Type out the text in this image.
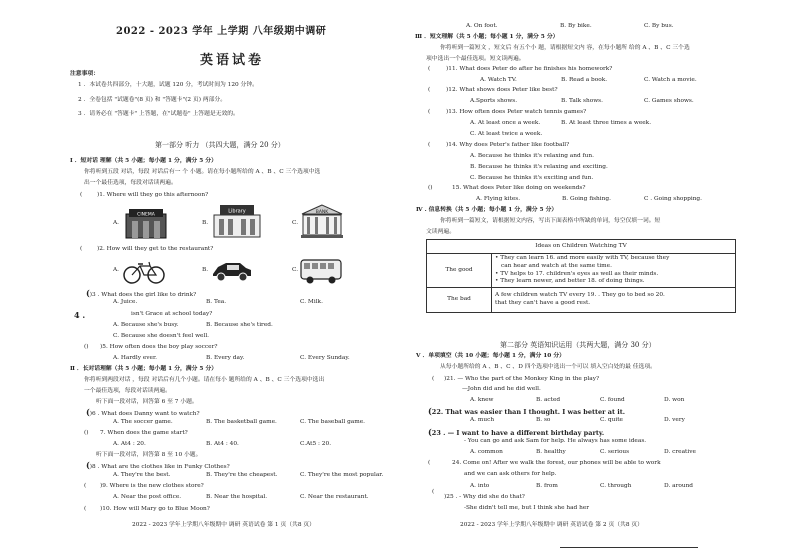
2022 - 2023 学年 上学期 八年级期中调研
英语试卷
注意事项：
1 ．本试卷共四部分，十大题，试题 120 分，考试时间为 120 分钟。
2 ．全卷包括 "试题卷"(8 页) 和 "答题卡"(2 页) 两部分。
3 ．请务必在 "答题卡" 上答题，在"试题卷" 上答题是无效的。
第一部分 听力 （共四大题，满分 20 分）
Ⅰ ．短对话 理解（共 5 小题；每小题 1 分，满分 5 分）
你将听到五段 对话，每段 对话后有一 个 小题。请在每小题所给的 A 、B 、C 三个选项中选
出一个最佳选项，每段对话读两遍。
(	)1. Where will they go this afternoon?
A.	B.	C.
CINEMA
Library	BANK
(	)2. How will they get to the restaurant?
A.	B.	C.
()3 . What does the girl like to drink?
A. Juice.	B. Tea.	C. Milk.
4 .	isn't Grace at school today?
A. Because she's busy.	B. Because she's tired.
C. Because she doesn't feel well.
() )5. How often does the boy play soccer?
A. Hardly ever.	B. Every day.	C. Every Sunday.
Ⅱ ．长对话理解（共 5 小题；每小题 1 分，满分 5 分）
你将听到两段对话 ，每段 对话后有几个小题。请在每小 题所给的 A 、B 、C 三个选项中选出
一个最佳选项，每段对话读两遍。
听下面一段对话，回答第 6 至 7 小题。
()6 . What does Danny want to watch?
A. The soccer game.	B. The basketball game.	C. The baseball game.
() 7. When does the game start?
A. At4 : 20.	B. At4 : 40.	C.At5 : 20.
听下面一段对话，回答第 8 至 10 小题。
()8 . What are the clothes like in Funky Clothes?
A. They're the best.	B. They're the cheapest.	C. They're the most popular.
( )9. Where is the new clothes store?
A. Near the post office.	B. Near the hospital.	C. Near the restaurant.
( )10. How will Mary go to Blue Moon?
2022 - 2023 学年上学期八年级期中 调研 英语试卷 第 1 页（共8 页）
A. On foot.	B. By bike.	C. By bus.
Ⅲ ．短文理解（共 5 小题；每小题 1 分，满分 5 分）
你将听到一篇短文 ，短文后 有五个小 题，请根据短文内 容，在每小题所 给的 A 、B 、C 三个选
项中选出一个最佳选项。短文读两遍。
(	)11. What does Peter do after he finishes his homework?
A. Watch TV.	B. Read a book.	C. Watch a movie.
(	)12. What shows does Peter like best?
A.Sports shows.	B. Talk shows.	C. Games shows.
(	)13. How often does Peter watch tennis games?
A. At least once a week.	B. At least three times a week.
C. At least twice a week.
(	)14. Why does Peter's father like football?
A. Because he thinks it's relaxing and fun.
B. Because he thinks it's relaxing and exciting.
C. Because he thinks it's exciting and fun.
()	15. What does Peter like doing on weekends?
A. Flying kites.	B. Going fishing.	C . Going shopping.
Ⅳ . 信息转换（共 5 小题；每小题 1 分，满分 5 分）
你将听到一篇短文，请根据短文内容，写出下面表格中所缺的单词，每空仅填一词。短
文读两遍。
Ideas on Children Watching TV	
The good	• They can learn 16. and more easily with TV, because they
can hear and watch at the same time.
• TV helps to 17. children's eyes as well as their minds.
• They learn newer, and better 18. of doing things.

The bad	A few children watch TV every 19. . They go to bed so 20.
that they can't have a good rest.
第二部分 英语知识运用（共两大题，满分 30 分）
Ⅴ ．单项填空（共 10 小题；每小题 1 分，满分 10 分）
从每小题所给的 A 、B 、C 、D 四个选项中选出一个可以 填入空白处的最 佳选项。
( )21. — Who the part of the Monkey King in the play?
—John did and he did well.
A. knew	B. acted	C. found	D. won
(22. That was easier than I thought. I was better at it.
A. much	B. so	C. quite	D. very
(23 . — I want to have a different birthday party.
- You can go and ask Sam for help. He always has some ideas.
A. common	B. healthy	C. serious	D. creative
(	24. Come on! After we walk the forest, our phones will be able to work
and we can ask others for help.
A. into	B. from	C. through	D. around
(
)25 . - Why did she do that?
-She didn't tell me, but I think she had her
2022 - 2023 学年上学期八年级期中 调研 英语试卷 第 2 页（共8 页）
